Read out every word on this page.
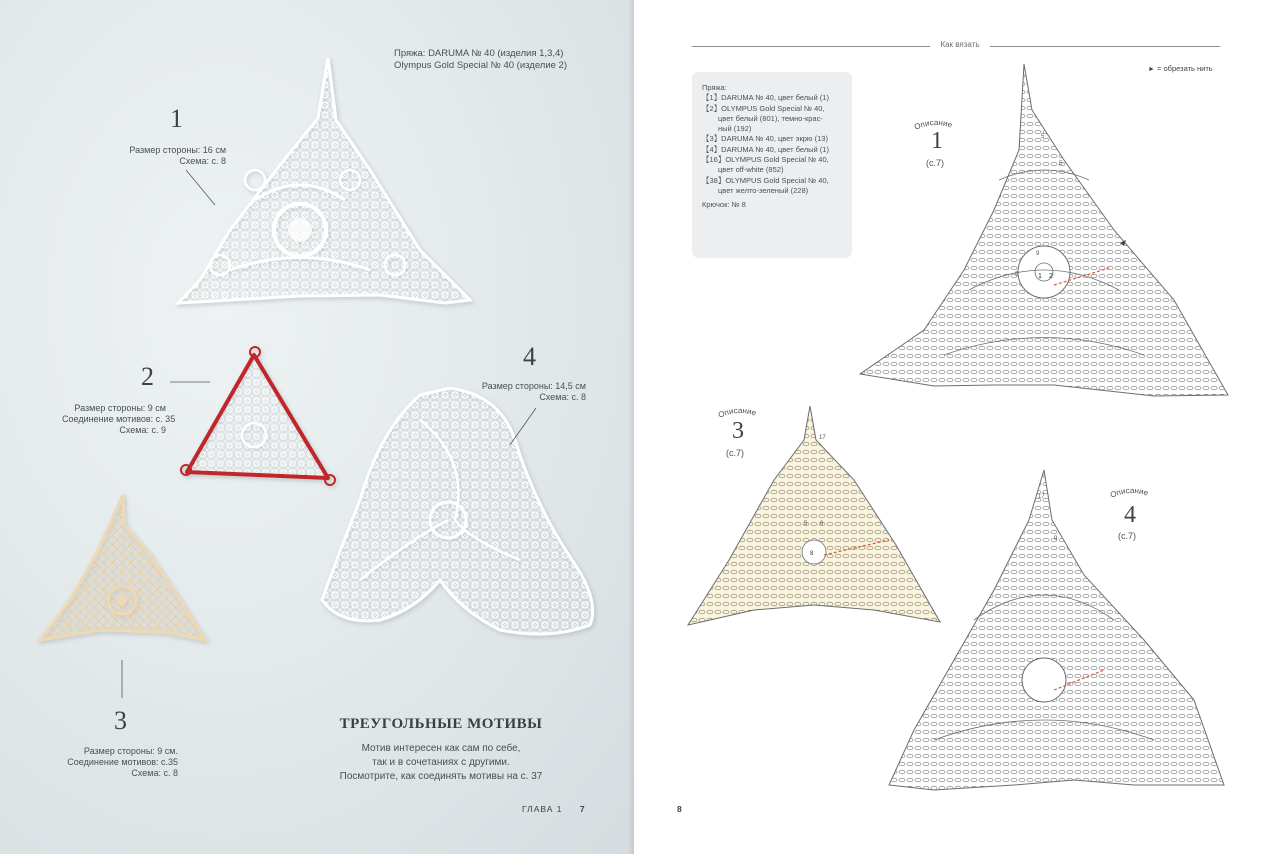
Пряжа: DARUMA № 40 (изделия 1,3,4)
Olympus Gold Special № 40 (изделие 2)
1
Размер стороны: 16 см
Схема: с. 8
2
Размер стороны: 9 см
Соединение мотивов: с. 35
Схема: с. 9
3
Размер стороны: 9 см.
Соединение мотивов: с.35
Схема: с. 8
4
Размер стороны: 14,5 см
Схема: с. 8
ТРЕУГОЛЬНЫЕ МОТИВЫ
Мотив интересен как сам по себе,
так и в сочетаниях с другими.
Посмотрите, как соединять мотивы на с. 37
ГЛАВА 1 7
Как вязать
► = обрезать нить
Пряжа:
【1】DARUMA № 40, цвет белый (1)
【2】OLYMPUS Gold Special № 40,
цвет белый (801), темно-крас-
ный (192)
【3】DARUMA № 40, цвет экрю (13)
【4】DARUMA № 40, цвет белый (1)
【16】OLYMPUS Gold Special № 40,
цвет off-white (852)
【38】OLYMPUS Gold Special № 40,
цвет желто-зеленый (228)
Крючок: № 8
5
5
9
5	1 2
17
5 6
8
17
9
Описание
Описание
Описание
1
(с.7)
3
(с.7)
4
(с.7)
8
